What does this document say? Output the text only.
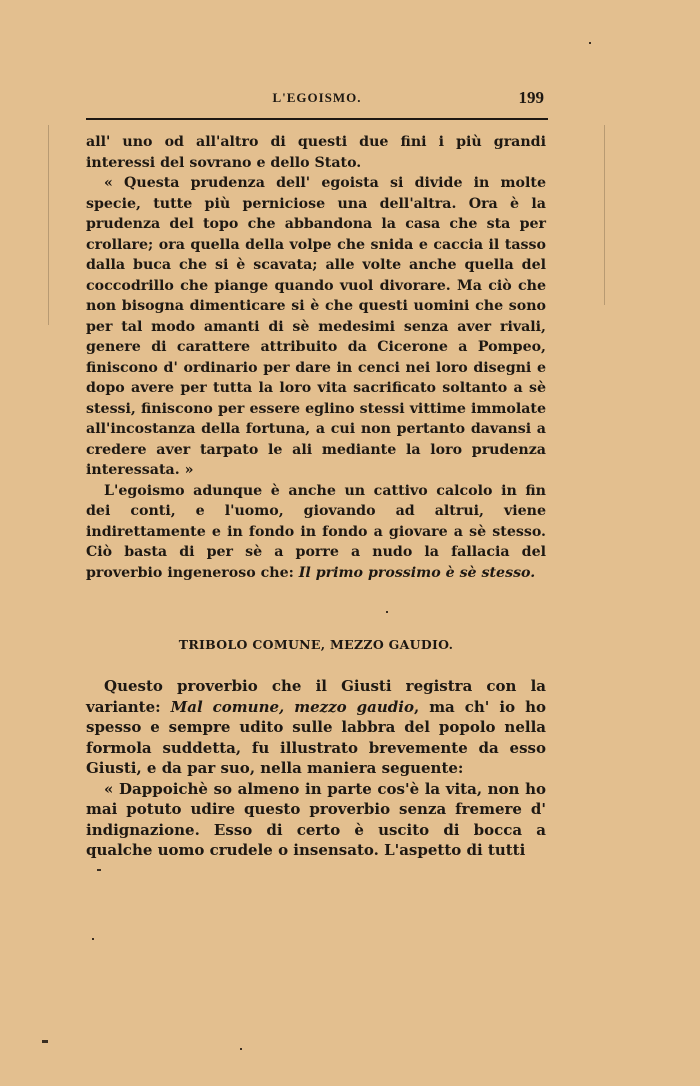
L'EGOISMO.	199

all' uno od all'altro di questi due fini i più grandi interessi del sovrano e dello Stato.

« Questa prudenza dell' egoista si divide in molte specie, tutte più perniciose una dell'altra. Ora è la prudenza del topo che abbandona la casa che sta per crollare; ora quella della volpe che snida e caccia il tasso dalla buca che si è scavata; alle volte anche quella del coccodrillo che piange quando vuol divorare. Ma ciò che non bisogna dimenticare si è che questi uomini che sono per tal modo amanti di sè medesimi senza aver rivali, genere di carattere attribuito da Cicerone a Pompeo, finiscono d' ordinario per dare in cenci nei loro disegni e dopo avere per tutta la loro vita sacrificato soltanto a sè stessi, finiscono per essere eglino stessi vittime immolate all'incostanza della fortuna, a cui non pertanto davansi a credere aver tarpato le ali mediante la loro prudenza interessata. »

L'egoismo adunque è anche un cattivo calcolo in fin dei conti, e l'uomo, giovando ad altrui, viene indirettamente e in fondo in fondo a giovare a sè stesso. Ciò basta di per sè a porre a nudo la fallacia del proverbio ingeneroso che: Il primo prossimo è sè stesso.

TRIBOLO COMUNE, MEZZO GAUDIO.

Questo proverbio che il Giusti registra con la variante: Mal comune, mezzo gaudio, ma ch' io ho spesso e sempre udito sulle labbra del popolo nella formola suddetta, fu illustrato brevemente da esso Giusti, e da par suo, nella maniera seguente:

« Dappoichè so almeno in parte cos'è la vita, non ho mai potuto udire questo proverbio senza fremere d' indignazione. Esso di certo è uscito di bocca a qualche uomo crudele o insensato. L'aspetto di tutti
